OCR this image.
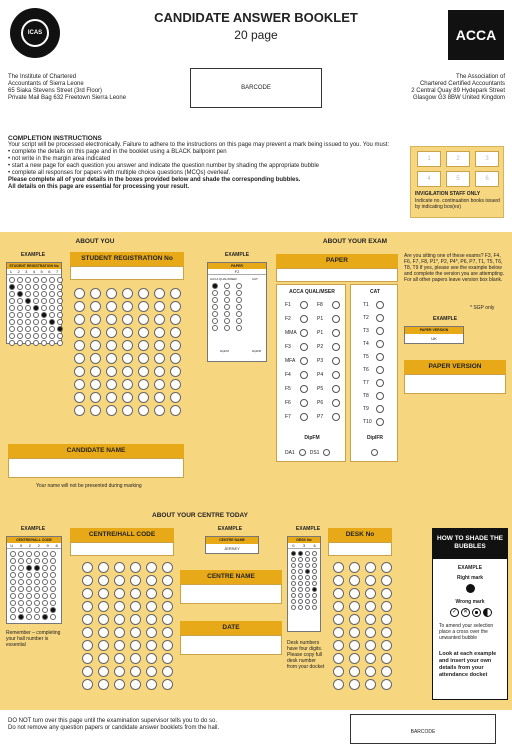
ICAS
CANDIDATE ANSWER BOOKLET
20 page	ACCA
The Institute of Chartered
Accountants of Sierra Leone
65 Siaka Stevens Street (3rd Floor)
Private Mail Bag 632 Freetown Sierra Leone
BARCODE
The Association of
Chartered Certified Accountants
2 Central Quay 89 Hydepark Street
Glasgow G3 8BW United Kingdom
COMPLETION INSTRUCTIONS
Your script will be processed electronically. Failure to adhere to the instructions on this page may prevent a mark being issued to you. You must:
• complete the details on this page and in the booklet using a BLACK ballpoint pen
• not write in the margin area indicated
• start a new page for each question you answer and indicate the question number by shading the appropriate bubble
• complete all responses for papers with multiple choice questions (MCQs) overleaf.
Please complete all of your details in the boxes provided below and shade the corresponding bubbles.
All details on this page are essential for processing your result.
1	2	3
4	5	6
INVIGILATION STAFF ONLY
Indicate no. continuation books issued by indicating box(es)
ABOUT YOU
EXAMPLE
STUDENT REGISTRATION No
1 2 3 4 5 6 7
STUDENT REGISTRATION No
CANDIDATE NAME
Your name will not be presented during marking
ABOUT YOUR EXAM
EXAMPLE
PAPER
F2
ACCA QUAL/MSER	CAT
DipFM	DipIFR
PAPER
ACCA QUAL/MSER
F1	F8
F2	P1
MMA	P1
F3	P2
MFA	P3
F4	P4
F5	P5
F6	P6
F7	P7
DipFM
DA1	DS1
CAT
T1
T2
T3
T4
T5
T6
T7
T8
T9
T10
DipIFR
Are you sitting one of these exams? F3, F4, F6, F7, F8, P1*, P2, P4*, P6, P7, T1, T5, T6, T8, T9 If yes, please see the example below and complete the version you are attempting. For all other papers leave version box blank.
* SGP only
EXAMPLE
PAPER VERSION
UK
PAPER VERSION
ABOUT YOUR CENTRE TODAY
EXAMPLE
CENTRE/HALL CODE
U 9 2 2 9 8
Remember – completing your hall number is essential
CENTRE/HALL CODE
EXAMPLE
CENTRE NAME
JERSEY
CENTRE NAME
DATE
EXAMPLE
DESK No
0 3 6
Desk numbers have four digits. Please copy full desk number from your docket
DESK No
HOW TO SHADE THE BUBBLES
EXAMPLE
Right mark
Wrong mark
✓ ✕
To amend your selection place a cross over the unwanted bubble
Look at each example and insert your own details from your attendance docket
DO NOT turn over this page until the examination supervisor tells you to do so.
Do not remove any question papers or candidate answer booklets from the hall.
BARCODE
